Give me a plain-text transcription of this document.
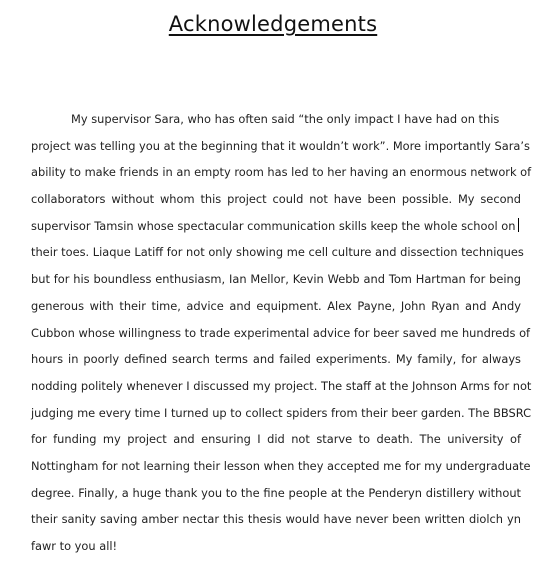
Acknowledgements
My supervisor Sara, who has often said “the only impact I have had on this
project was telling you at the beginning that it wouldn’t work”. More importantly Sara’s
ability to make friends in an empty room has led to her having an enormous network of
collaborators without whom this project could not have been possible. My second
supervisor Tamsin whose spectacular communication skills keep the whole school on
their toes. Liaque Latiff for not only showing me cell culture and dissection techniques
but for his boundless enthusiasm, Ian Mellor, Kevin Webb and Tom Hartman for being
generous with their time, advice and equipment. Alex Payne, John Ryan and Andy
Cubbon whose willingness to trade experimental advice for beer saved me hundreds of
hours in poorly defined search terms and failed experiments. My family, for always
nodding politely whenever I discussed my project. The staff at the Johnson Arms for not
judging me every time I turned up to collect spiders from their beer garden. The BBSRC
for funding my project and ensuring I did not starve to death. The university of
Nottingham for not learning their lesson when they accepted me for my undergraduate
degree. Finally, a huge thank you to the fine people at the Penderyn distillery without
their sanity saving amber nectar this thesis would have never been written diolch yn
fawr to you all!
